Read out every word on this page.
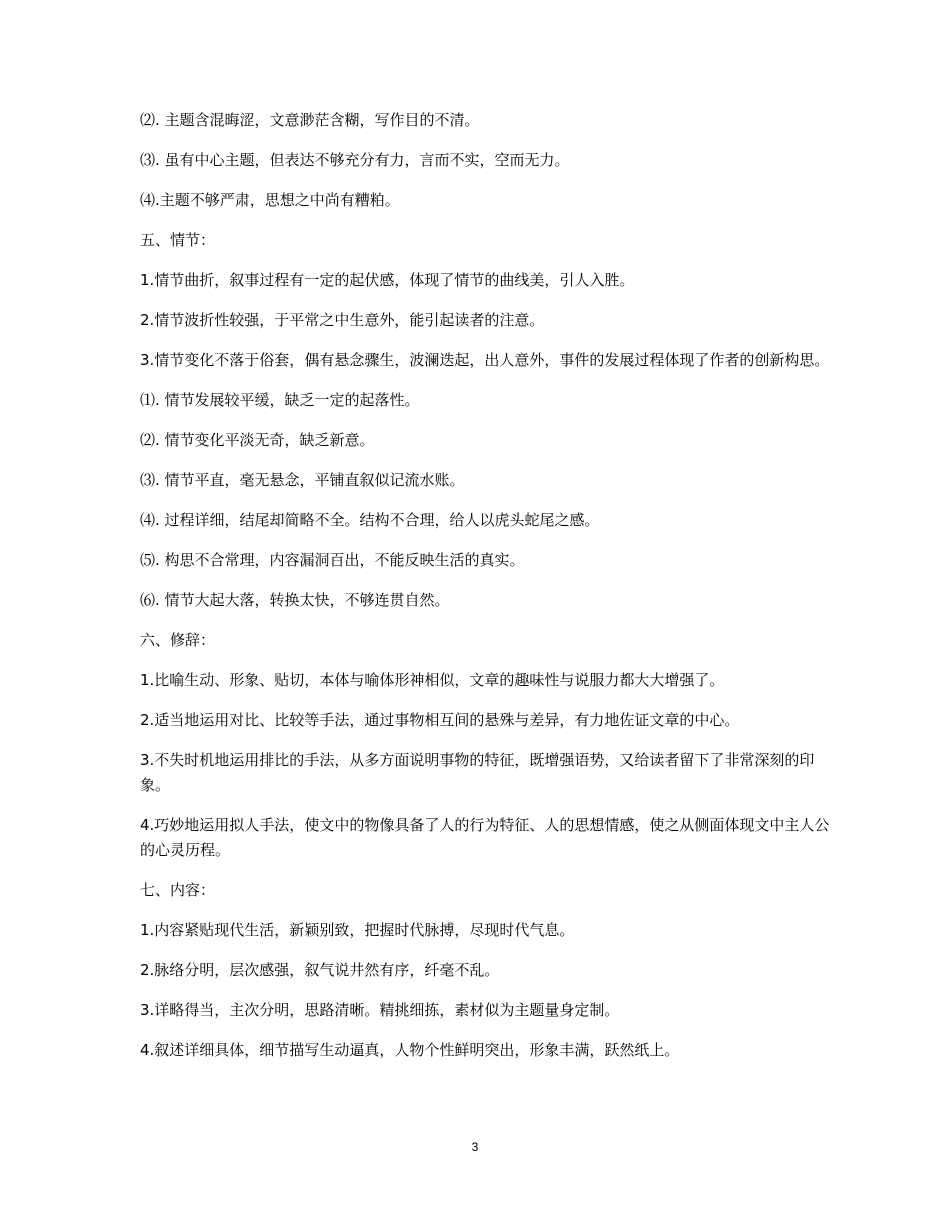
⑵. 主题含混晦涩，文意渺茫含糊，写作目的不清。

⑶. 虽有中心主题，但表达不够充分有力，言而不实，空而无力。

⑷.主题不够严肃，思想之中尚有糟粕。

五、情节：

1.情节曲折，叙事过程有一定的起伏感，体现了情节的曲线美，引人入胜。

2.情节波折性较强，于平常之中生意外，能引起读者的注意。

3.情节变化不落于俗套，偶有悬念骤生，波澜迭起，出人意外，事件的发展过程体现了作者的创新构思。

⑴. 情节发展较平缓，缺乏一定的起落性。

⑵. 情节变化平淡无奇，缺乏新意。

⑶. 情节平直，毫无悬念，平铺直叙似记流水账。

⑷. 过程详细，结尾却简略不全。结构不合理，给人以虎头蛇尾之感。

⑸. 构思不合常理，内容漏洞百出，不能反映生活的真实。

⑹. 情节大起大落，转换太快，不够连贯自然。

六、修辞：

1.比喻生动、形象、贴切，本体与喻体形神相似，文章的趣味性与说服力都大大增强了。

2.适当地运用对比、比较等手法，通过事物相互间的悬殊与差异，有力地佐证文章的中心。

3.不失时机地运用排比的手法，从多方面说明事物的特征，既增强语势，又给读者留下了非常深刻的印象。

4.巧妙地运用拟人手法，使文中的物像具备了人的行为特征、人的思想情感，使之从侧面体现文中主人公的心灵历程。

七、内容：

1.内容紧贴现代生活，新颖别致，把握时代脉搏，尽现时代气息。

2.脉络分明，层次感强，叙气说井然有序，纤毫不乱。

3.详略得当，主次分明，思路清晰。精挑细拣，素材似为主题量身定制。

4.叙述详细具体，细节描写生动逼真，人物个性鲜明突出，形象丰满，跃然纸上。

3
